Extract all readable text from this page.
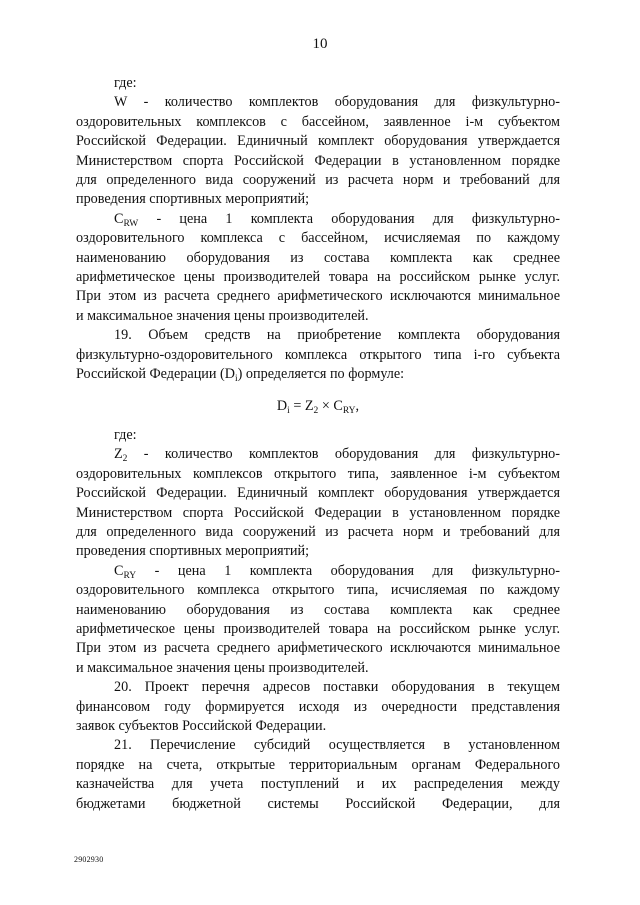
10
где:
W - количество комплектов оборудования для физкультурно-
оздоровительных комплексов с бассейном, заявленное i-м субъектом
Российской Федерации. Единичный комплект оборудования утверждается
Министерством спорта Российской Федерации в установленном порядке
для определенного вида сооружений из расчета норм и требований для
проведения спортивных мероприятий;
$C_{RW}$ - цена 1 комплекта оборудования для физкультурно-
оздоровительного комплекса с бассейном, исчисляемая по каждому
наименованию оборудования из состава комплекта как среднее
арифметическое цены производителей товара на российском рынке услуг.
При этом из расчета среднего арифметического исключаются минимальное
и максимальное значения цены производителей.
19. Объем средств на приобретение комплекта оборудования
физкультурно-оздоровительного комплекса открытого типа i-го субъекта
Российской Федерации $(D_i)$ определяется по формуле:
$D_i = Z_2 \times C_{RY}$,
где:
$Z_2$ - количество комплектов оборудования для физкультурно-
оздоровительных комплексов открытого типа, заявленное i-м субъектом
Российской Федерации. Единичный комплект оборудования утверждается
Министерством спорта Российской Федерации в установленном порядке
для определенного вида сооружений из расчета норм и требований для
проведения спортивных мероприятий;
$C_{RY}$ - цена 1 комплекта оборудования для физкультурно-
оздоровительного комплекса открытого типа, исчисляемая по каждому
наименованию оборудования из состава комплекта как среднее
арифметическое цены производителей товара на российском рынке услуг.
При этом из расчета среднего арифметического исключаются минимальное
и максимальное значения цены производителей.
20. Проект перечня адресов поставки оборудования в текущем
финансовом году формируется исходя из очередности представления
заявок субъектов Российской Федерации.
21. Перечисление субсидий осуществляется в установленном
порядке на счета, открытые территориальным органам Федерального
казначейства для учета поступлений и их распределения между
бюджетами бюджетной системы Российской Федерации, для
2902930
